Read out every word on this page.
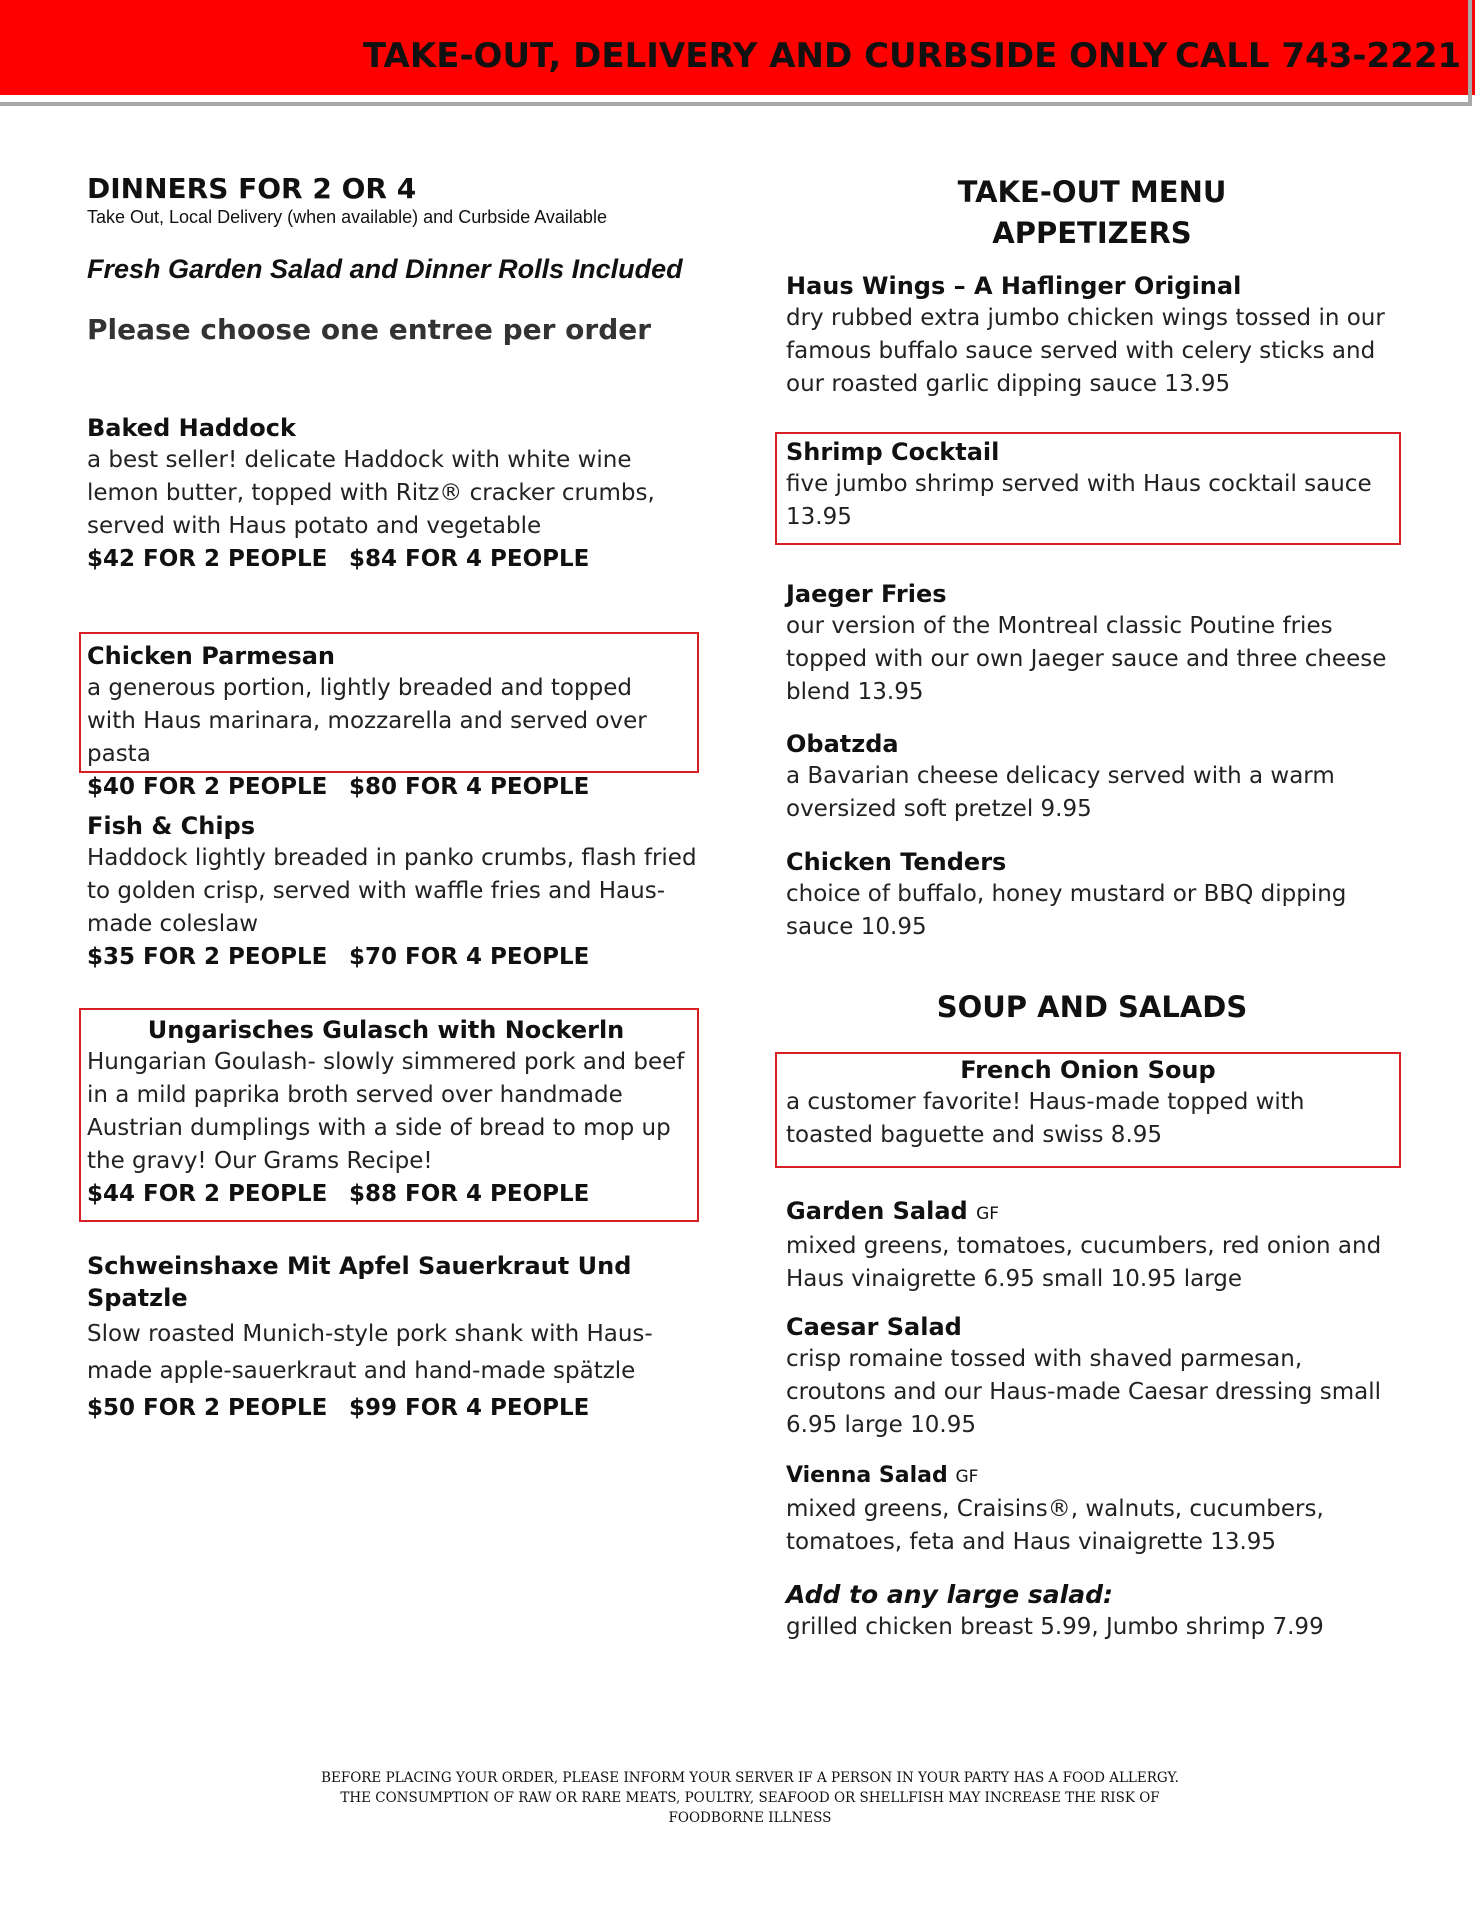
TAKE-OUT, DELIVERY AND CURBSIDE ONLY CALL 743-2221
DINNERS FOR 2 OR 4
Take Out, Local Delivery (when available) and Curbside Available
Fresh Garden Salad and Dinner Rolls Included
Please choose one entree per order
Baked Haddock
a best seller! delicate Haddock with white wine lemon butter, topped with Ritz® cracker crumbs, served with Haus potato and vegetable
$42 FOR 2 PEOPLE $84 FOR 4 PEOPLE
Chicken Parmesan
a generous portion, lightly breaded and topped with Haus marinara, mozzarella and served over pasta
$40 FOR 2 PEOPLE $80 FOR 4 PEOPLE
Fish & Chips
Haddock lightly breaded in panko crumbs, flash fried to golden crisp, served with waffle fries and Haus-made coleslaw
$35 FOR 2 PEOPLE $70 FOR 4 PEOPLE
Ungarisches Gulasch with Nockerln
Hungarian Goulash- slowly simmered pork and beef in a mild paprika broth served over handmade Austrian dumplings with a side of bread to mop up the gravy! Our Grams Recipe!
$44 FOR 2 PEOPLE $88 FOR 4 PEOPLE
Schweinshaxe Mit Apfel Sauerkraut Und Spatzle
Slow roasted Munich-style pork shank with Haus-made apple-sauerkraut and hand-made spätzle
$50 FOR 2 PEOPLE $99 FOR 4 PEOPLE
TAKE-OUT MENU
APPETIZERS
Haus Wings – A Haflinger Original
dry rubbed extra jumbo chicken wings tossed in our famous buffalo sauce served with celery sticks and our roasted garlic dipping sauce 13.95
Shrimp Cocktail
five jumbo shrimp served with Haus cocktail sauce 13.95
Jaeger Fries
our version of the Montreal classic Poutine fries topped with our own Jaeger sauce and three cheese blend 13.95
Obatzda
a Bavarian cheese delicacy served with a warm oversized soft pretzel 9.95
Chicken Tenders
choice of buffalo, honey mustard or BBQ dipping sauce 10.95
SOUP AND SALADS
French Onion Soup
a customer favorite! Haus-made topped with toasted baguette and swiss 8.95
Garden Salad GF
mixed greens, tomatoes, cucumbers, red onion and Haus vinaigrette 6.95 small 10.95 large
Caesar Salad
crisp romaine tossed with shaved parmesan, croutons and our Haus-made Caesar dressing small 6.95 large 10.95
Vienna Salad GF
mixed greens, Craisins®, walnuts, cucumbers, tomatoes, feta and Haus vinaigrette 13.95
Add to any large salad:
grilled chicken breast 5.99, Jumbo shrimp 7.99
BEFORE PLACING YOUR ORDER, PLEASE INFORM YOUR SERVER IF A PERSON IN YOUR PARTY HAS A FOOD ALLERGY.
THE CONSUMPTION OF RAW OR RARE MEATS, POULTRY, SEAFOOD OR SHELLFISH MAY INCREASE THE RISK OF
FOODBORNE ILLNESS
